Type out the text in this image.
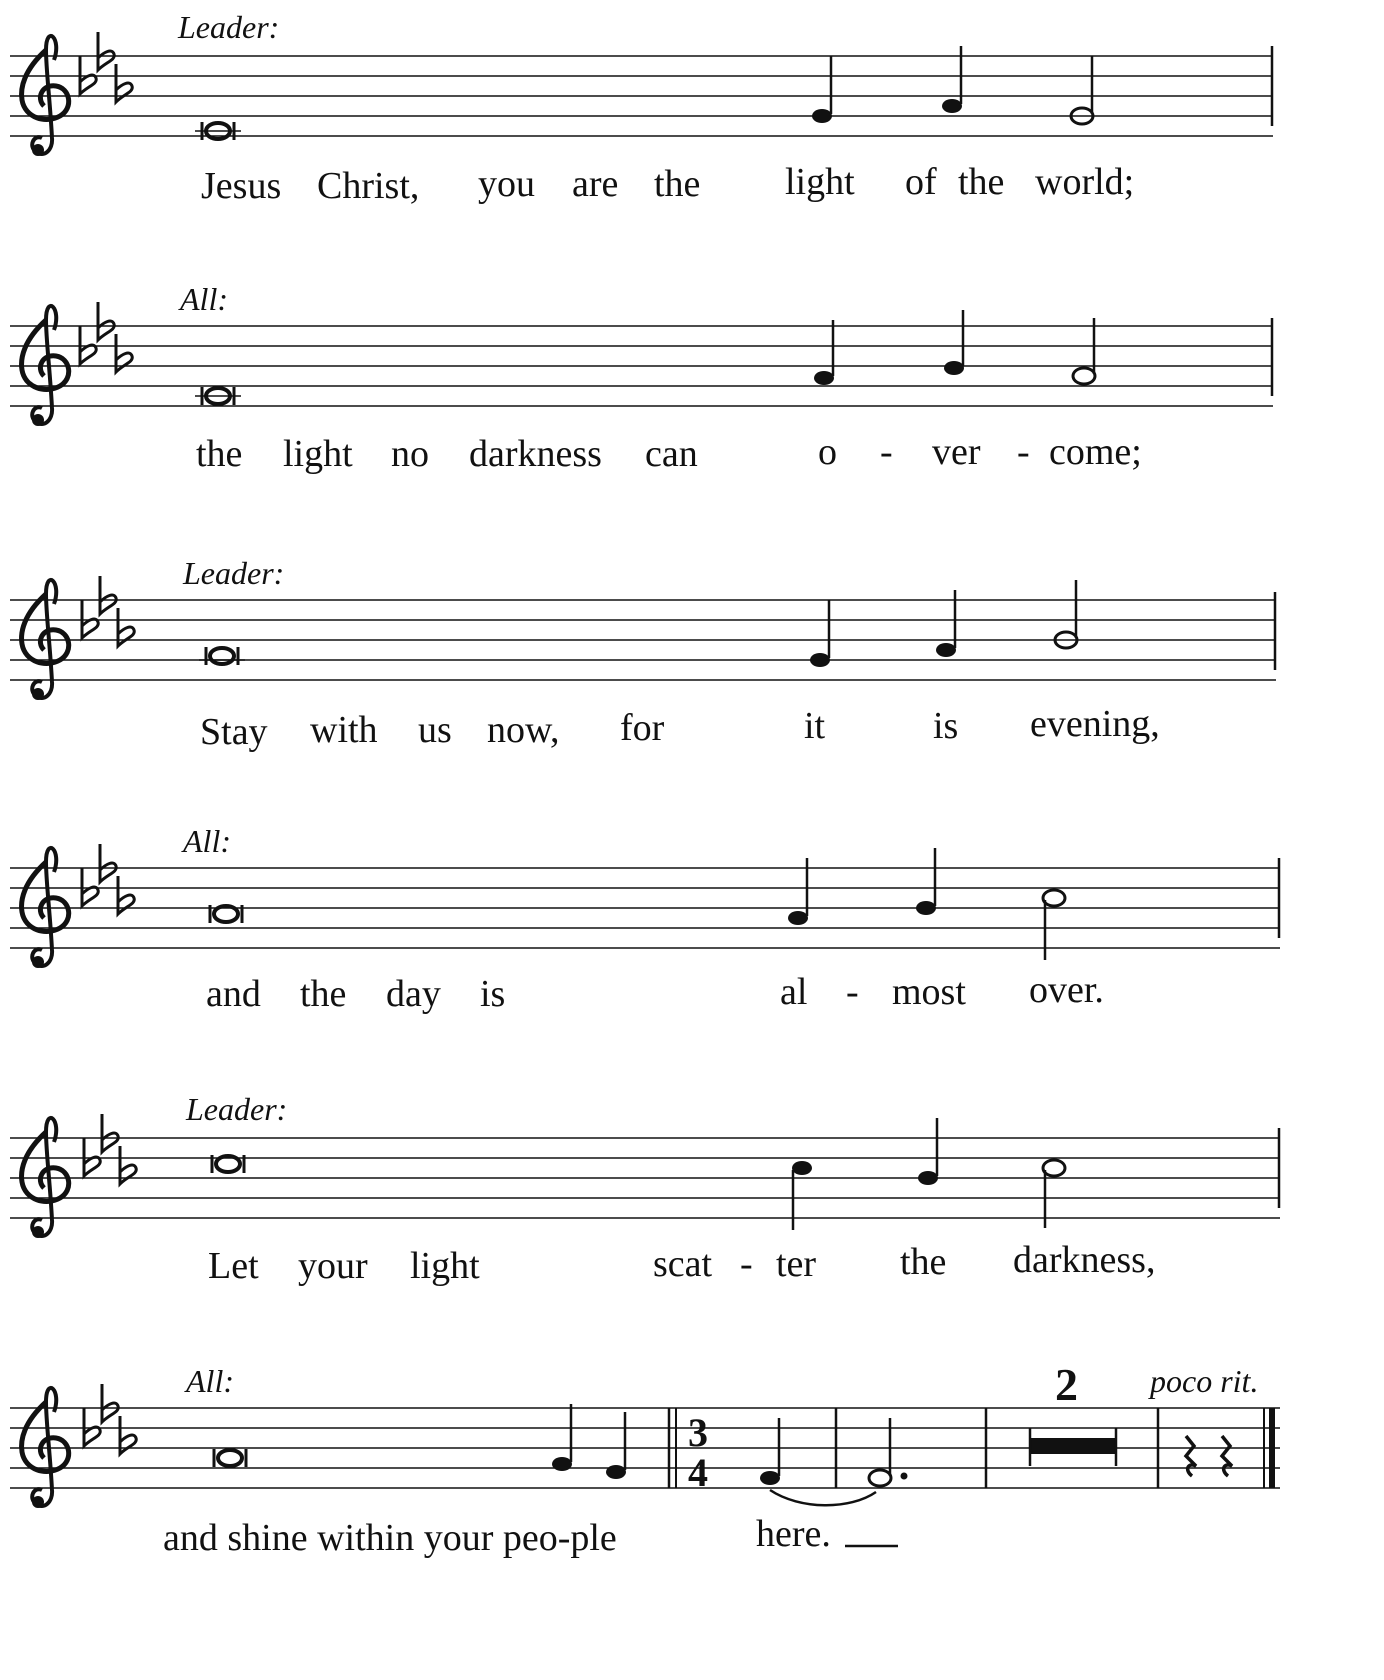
Leader:
Jesus Christ, you are the light of the world;
All:
the light no darkness can	o - ver - come;
Leader:
Stay with us now, for	it	is evening,
All:
and the day is	al - most over.
Leader:
Let your light	scat - ter the darkness,
All:	2 poco rit.
3
4
and shine within your peo-ple	here.
